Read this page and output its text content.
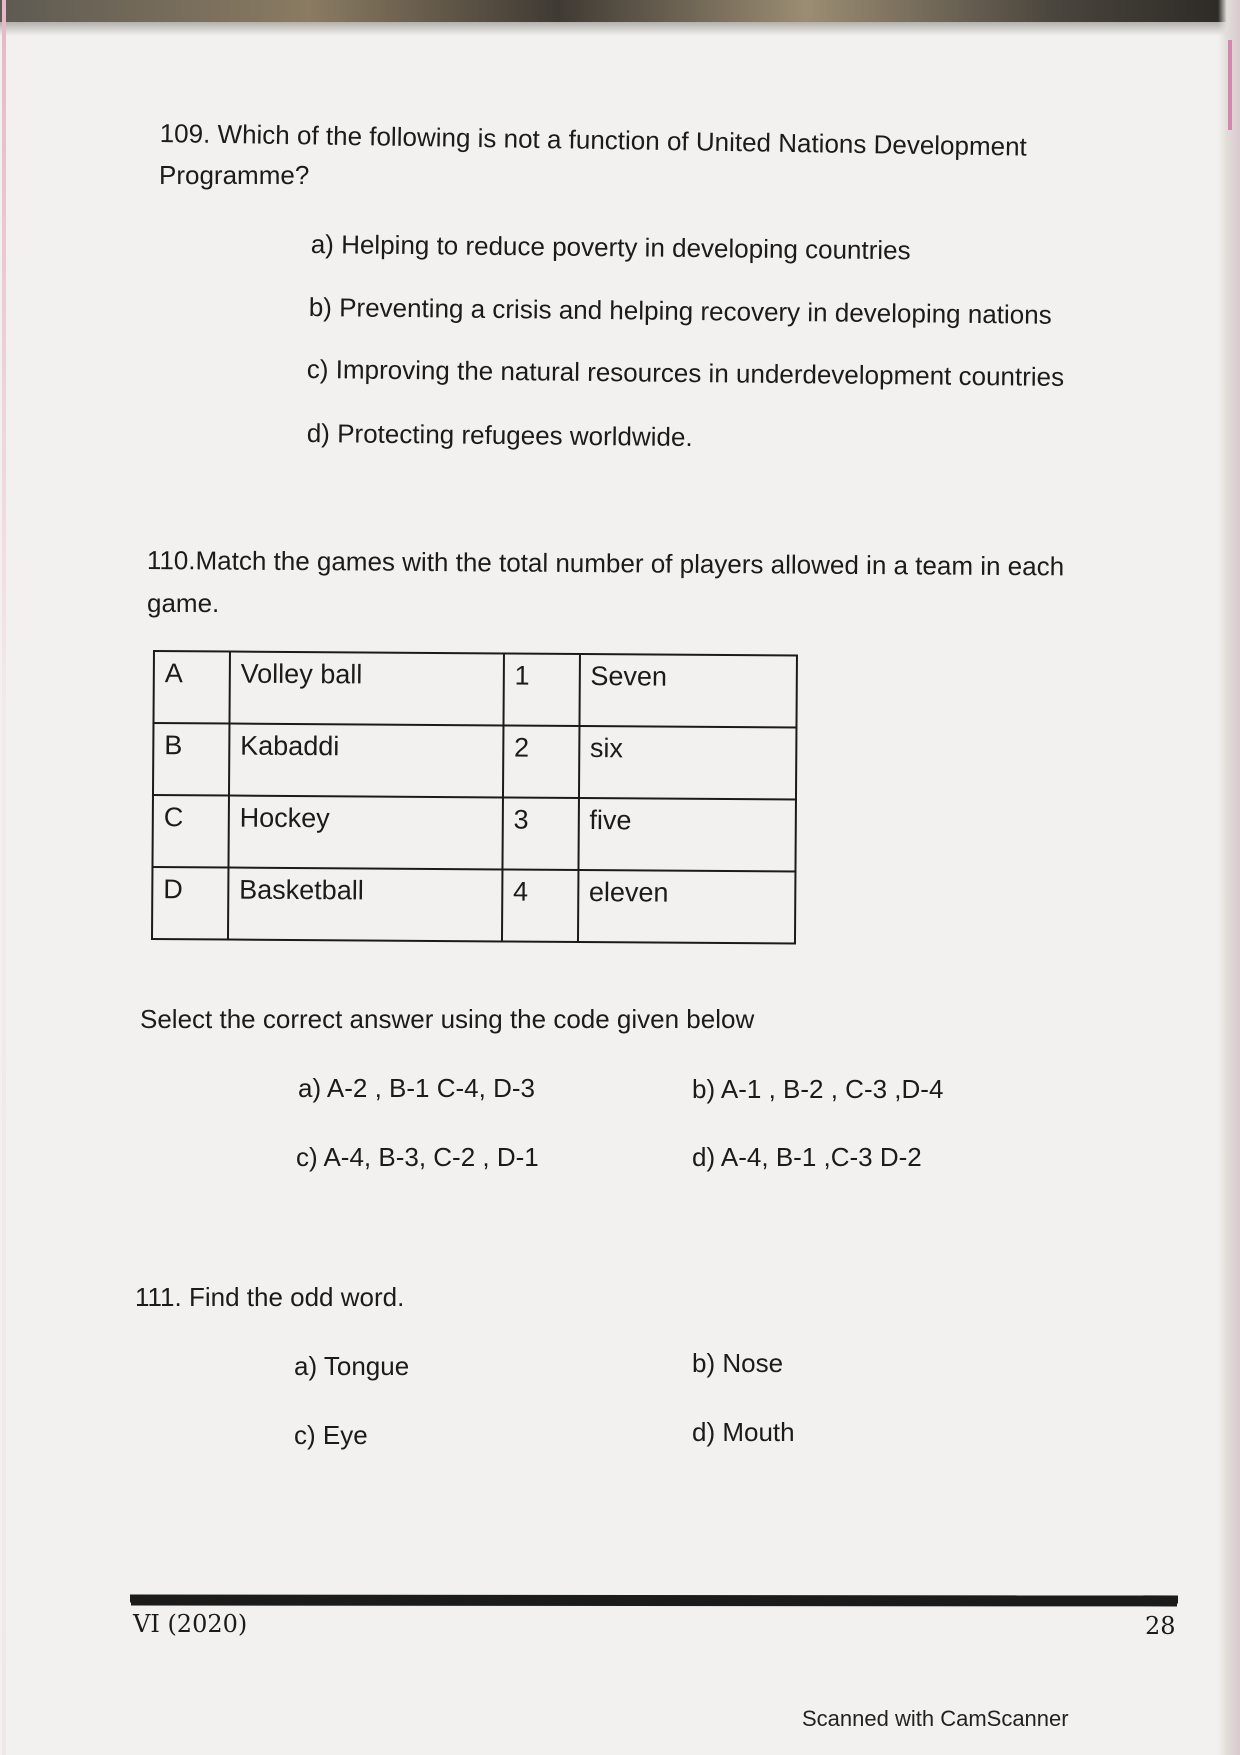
109. Which of the following is not a function of United Nations Development
Programme?
a) Helping to reduce poverty in developing countries
b) Preventing a crisis and helping recovery in developing nations
c) Improving the natural resources in underdevelopment countries
d) Protecting refugees worldwide.
110.Match the games with the total number of players allowed in a team in each
game.
A	Volley ball	1	Seven
B	Kabaddi	2	six
C	Hockey	3	five
D	Basketball	4	eleven
Select the correct answer using the code given below
a) A-2 , B-1 C-4, D-3	b) A-1 , B-2 , C-3 ,D-4
c) A-4, B-3, C-2 , D-1	d) A-4, B-1 ,C-3 D-2
111. Find the odd word.
a) Tongue	b) Nose
c) Eye	d) Mouth
VI (2020)	28
Scanned with CamScanner
